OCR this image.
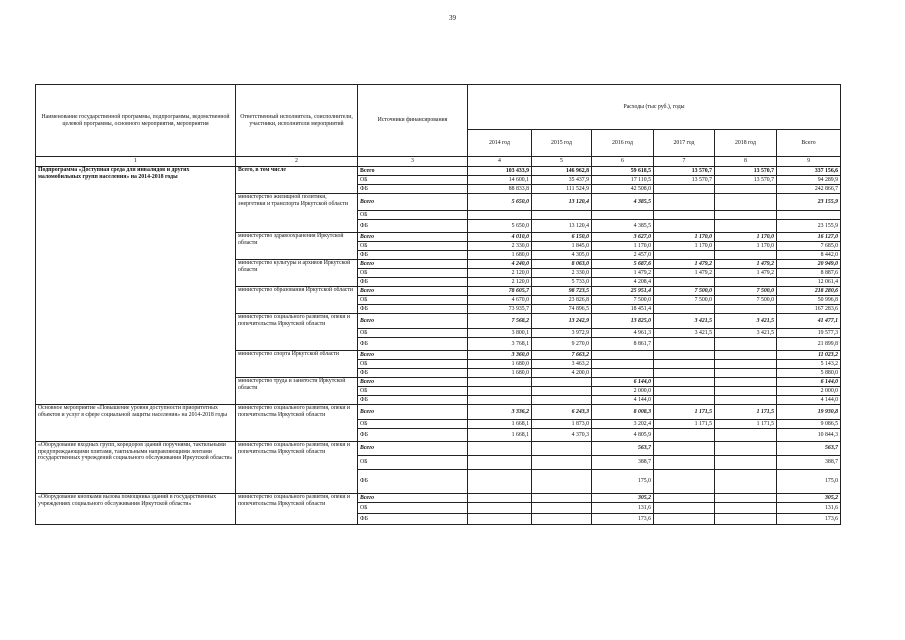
39
Наименование государственной программы, подпрограммы, ведомственной целевой программы, основного мероприятия, мероприятия	Ответственный исполнитель, соисполнители, участники, исполнители мероприятий	Источники финансирования	Расходы (тыс руб.), годы					
			2014 год	2015 год	2016 год	2017 год	2018 год	Всего
1	2	3	4	5	6	7	8	9
Подпрограмма «Доступная среда для инвалидов и других маломобильных групп населения» на 2014-2018 годы	Всего, в том числе	Всего	103 433,9	146 962,8	59 618,5	13 570,7	13 570,7	337 156,6
		ОБ	14 600,1	35 437,9	17 110,5	13 570,7	13 570,7	94 289,9
		ФБ	88 833,8	111 524,9	42 508,0			242 866,7
	министерство жилищной политики, энергетики и транспорта Иркутской области	Всего	5 650,0	13 120,4	4 385,5			23 155,9
		ОБ						
		ФБ	5 650,0	13 120,4	4 385,5			23 155,9
	министерство здравоохранения Иркутской области	Всего	4 010,0	6 150,0	3 627,0	1 170,0	1 170,0	16 127,0
		ОБ	2 330,0	1 845,0	1 170,0	1 170,0	1 170,0	7 685,0
		ФБ	1 680,0	4 305,0	2 457,0			8 442,0
	министерство культуры и архивов Иркутской области	Всего	4 240,0	8 063,0	5 687,6	1 479,2	1 479,2	20 949,0
		ОБ	2 120,0	2 330,0	1 479,2	1 479,2	1 479,2	8 887,6
		ФБ	2 120,0	5 733,0	4 208,4			12 061,4
	министерство образования Иркутской области	Всего	78 605,7	98 723,5	25 951,4	7 500,0	7 500,0	218 280,6
		ОБ	4 670,0	23 826,8	7 500,0	7 500,0	7 500,0	50 996,8
		ФБ	73 935,7	74 896,5	18 451,4			167 283,6
	министерство социального развития, опеки и попечительства Иркутской области	Всего	7 568,2	13 242,9	13 825,0	3 421,5	3 421,5	41 477,1
		ОБ	3 800,1	3 972,9	4 961,3	3 421,5	3 421,5	19 577,3
		ФБ	3 768,1	9 270,0	8 861,7			21 899,8
	министерство спорта Иркутской области	Всего	3 360,0	7 663,2				11 023,2
		ОБ	1 680,0	3 463,2				5 143,2
		ФБ	1 680,0	4 200,0				5 880,0
	министерство труда и занятости Иркутской области	Всего			6 144,0			6 144,0
		ОБ			2 000,0			2 000,0
		ФБ			4 144,0			4 144,0
Основное мероприятие «Повышение уровня доступности приоритетных объектов и услуг в сфере социальной защиты населения» на 2014-2018 годы	министерство социального развития, опеки и попечительства Иркутской области	Всего	3 336,2	6 243,3	8 008,3	1 171,5	1 171,5	19 930,8
		ОБ	1 668,1	1 873,0	3 202,4	1 171,5	1 171,5	9 086,5
		ФБ	1 668,1	4 370,3	4 805,9			10 844,3
«Оборудование входных групп, коридоров зданий поручнями, тактильными предупреждающими плитами, тактильными направляющими лентами государственных учреждений социального обслуживания Иркутской области»	министерство социального развития, опеки и попечительства Иркутской области	Всего			563,7			563,7
		ОБ			388,7			388,7
		ФБ			175,0			175,0
«Оборудование кнопками вызова помощника зданий в государственных учреждениях социального обслуживания Иркутской области»	министерство социального развития, опеки и попечительства Иркутской области	Всего			305,2			305,2
		ОБ			131,6			131,6
		ФБ			173,6			173,6
